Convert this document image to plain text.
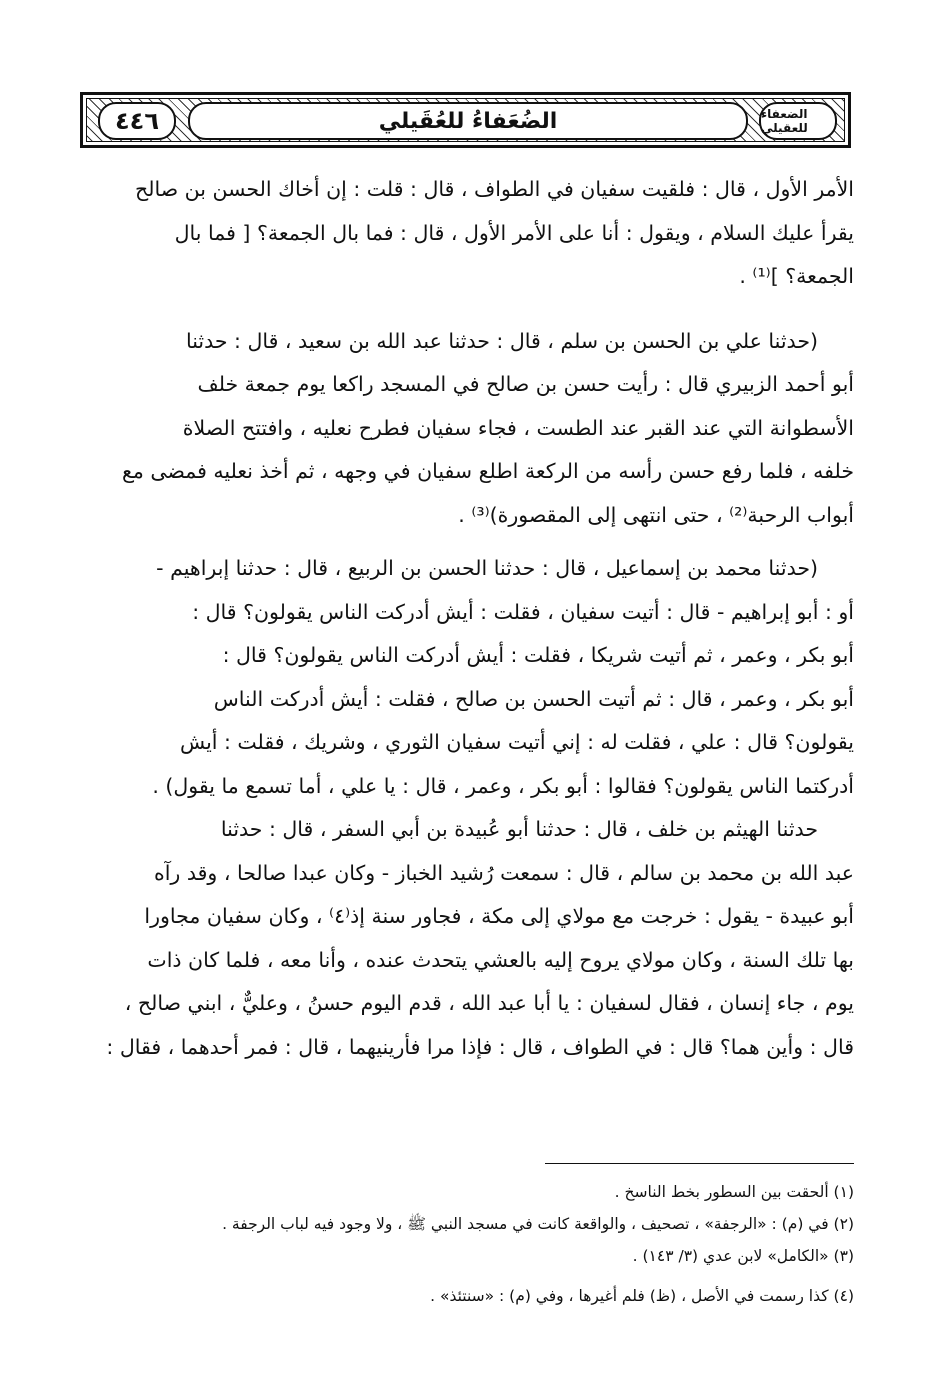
٤٤٦	الضُعَفاءُ للعُقَيلي	الضعفاء للعقيلي

الأمر الأول ، قال : فلقيت سفيان في الطواف ، قال : قلت : إن أخاك الحسن بن صالح

يقرأ عليك السلام ، ويقول : أنا على الأمر الأول ، قال : فما بال الجمعة؟ [ فما بال

الجمعة؟ ]⁽¹⁾ .

(حدثنا علي بن الحسن بن سلم ، قال : حدثنا عبد الله بن سعيد ، قال : حدثنا

أبو أحمد الزبيري قال : رأيت حسن بن صالح في المسجد راكعا يوم جمعة خلف

الأسطوانة التي عند القبر عند الطست ، فجاء سفيان فطرح نعليه ، وافتتح الصلاة

خلفه ، فلما رفع حسن رأسه من الركعة اطلع سفيان في وجهه ، ثم أخذ نعليه فمضى مع

أبواب الرحبة⁽²⁾ ، حتى انتهى إلى المقصورة)⁽³⁾ .

(حدثنا محمد بن إسماعيل ، قال : حدثنا الحسن بن الربيع ، قال : حدثنا إبراهيم -

أو : أبو إبراهيم - قال : أتيت سفيان ، فقلت : أيش أدركت الناس يقولون؟ قال :

أبو بكر ، وعمر ، ثم أتيت شريكا ، فقلت : أيش أدركت الناس يقولون؟ قال :

أبو بكر ، وعمر ، قال : ثم أتيت الحسن بن صالح ، فقلت : أيش أدركت الناس

يقولون؟ قال : علي ، فقلت له : إني أتيت سفيان الثوري ، وشريك ، فقلت : أيش

أدركتما الناس يقولون؟ فقالوا : أبو بكر ، وعمر ، قال : يا علي ، أما تسمع ما يقول) .

حدثنا الهيثم بن خلف ، قال : حدثنا أبو عُبيدة بن أبي السفر ، قال : حدثنا

عبد الله بن محمد بن سالم ، قال : سمعت رُشيد الخباز - وكان عبدا صالحا ، وقد رآه

أبو عبيدة - يقول : خرجت مع مولاي إلى مكة ، فجاور سنة إذ⁽٤⁾ ، وكان سفيان مجاورا

بها تلك السنة ، وكان مولاي يروح إليه بالعشي يتحدث عنده ، وأنا معه ، فلما كان ذات

يوم ، جاء إنسان ، فقال لسفيان : يا أبا عبد الله ، قدم اليوم حسنُ ، وعليٌّ ، ابني صالح ،

قال : وأين هما؟ قال : في الطواف ، قال : فإذا مرا فأرينيهما ، قال : فمر أحدهما ، فقال :

(١) ألحقت بين السطور بخط الناسخ .

(٢) في (م) : «الرجفة» ، تصحيف ، والواقعة كانت في مسجد النبي ﷺ ، ولا وجود فيه لباب الرجفة .

(٣) «الكامل» لابن عدي (٣/ ١٤٣) .

(٤) كذا رسمت في الأصل ، (ظ) فلم أغيرها ، وفي (م) : «سنتئذ» .
